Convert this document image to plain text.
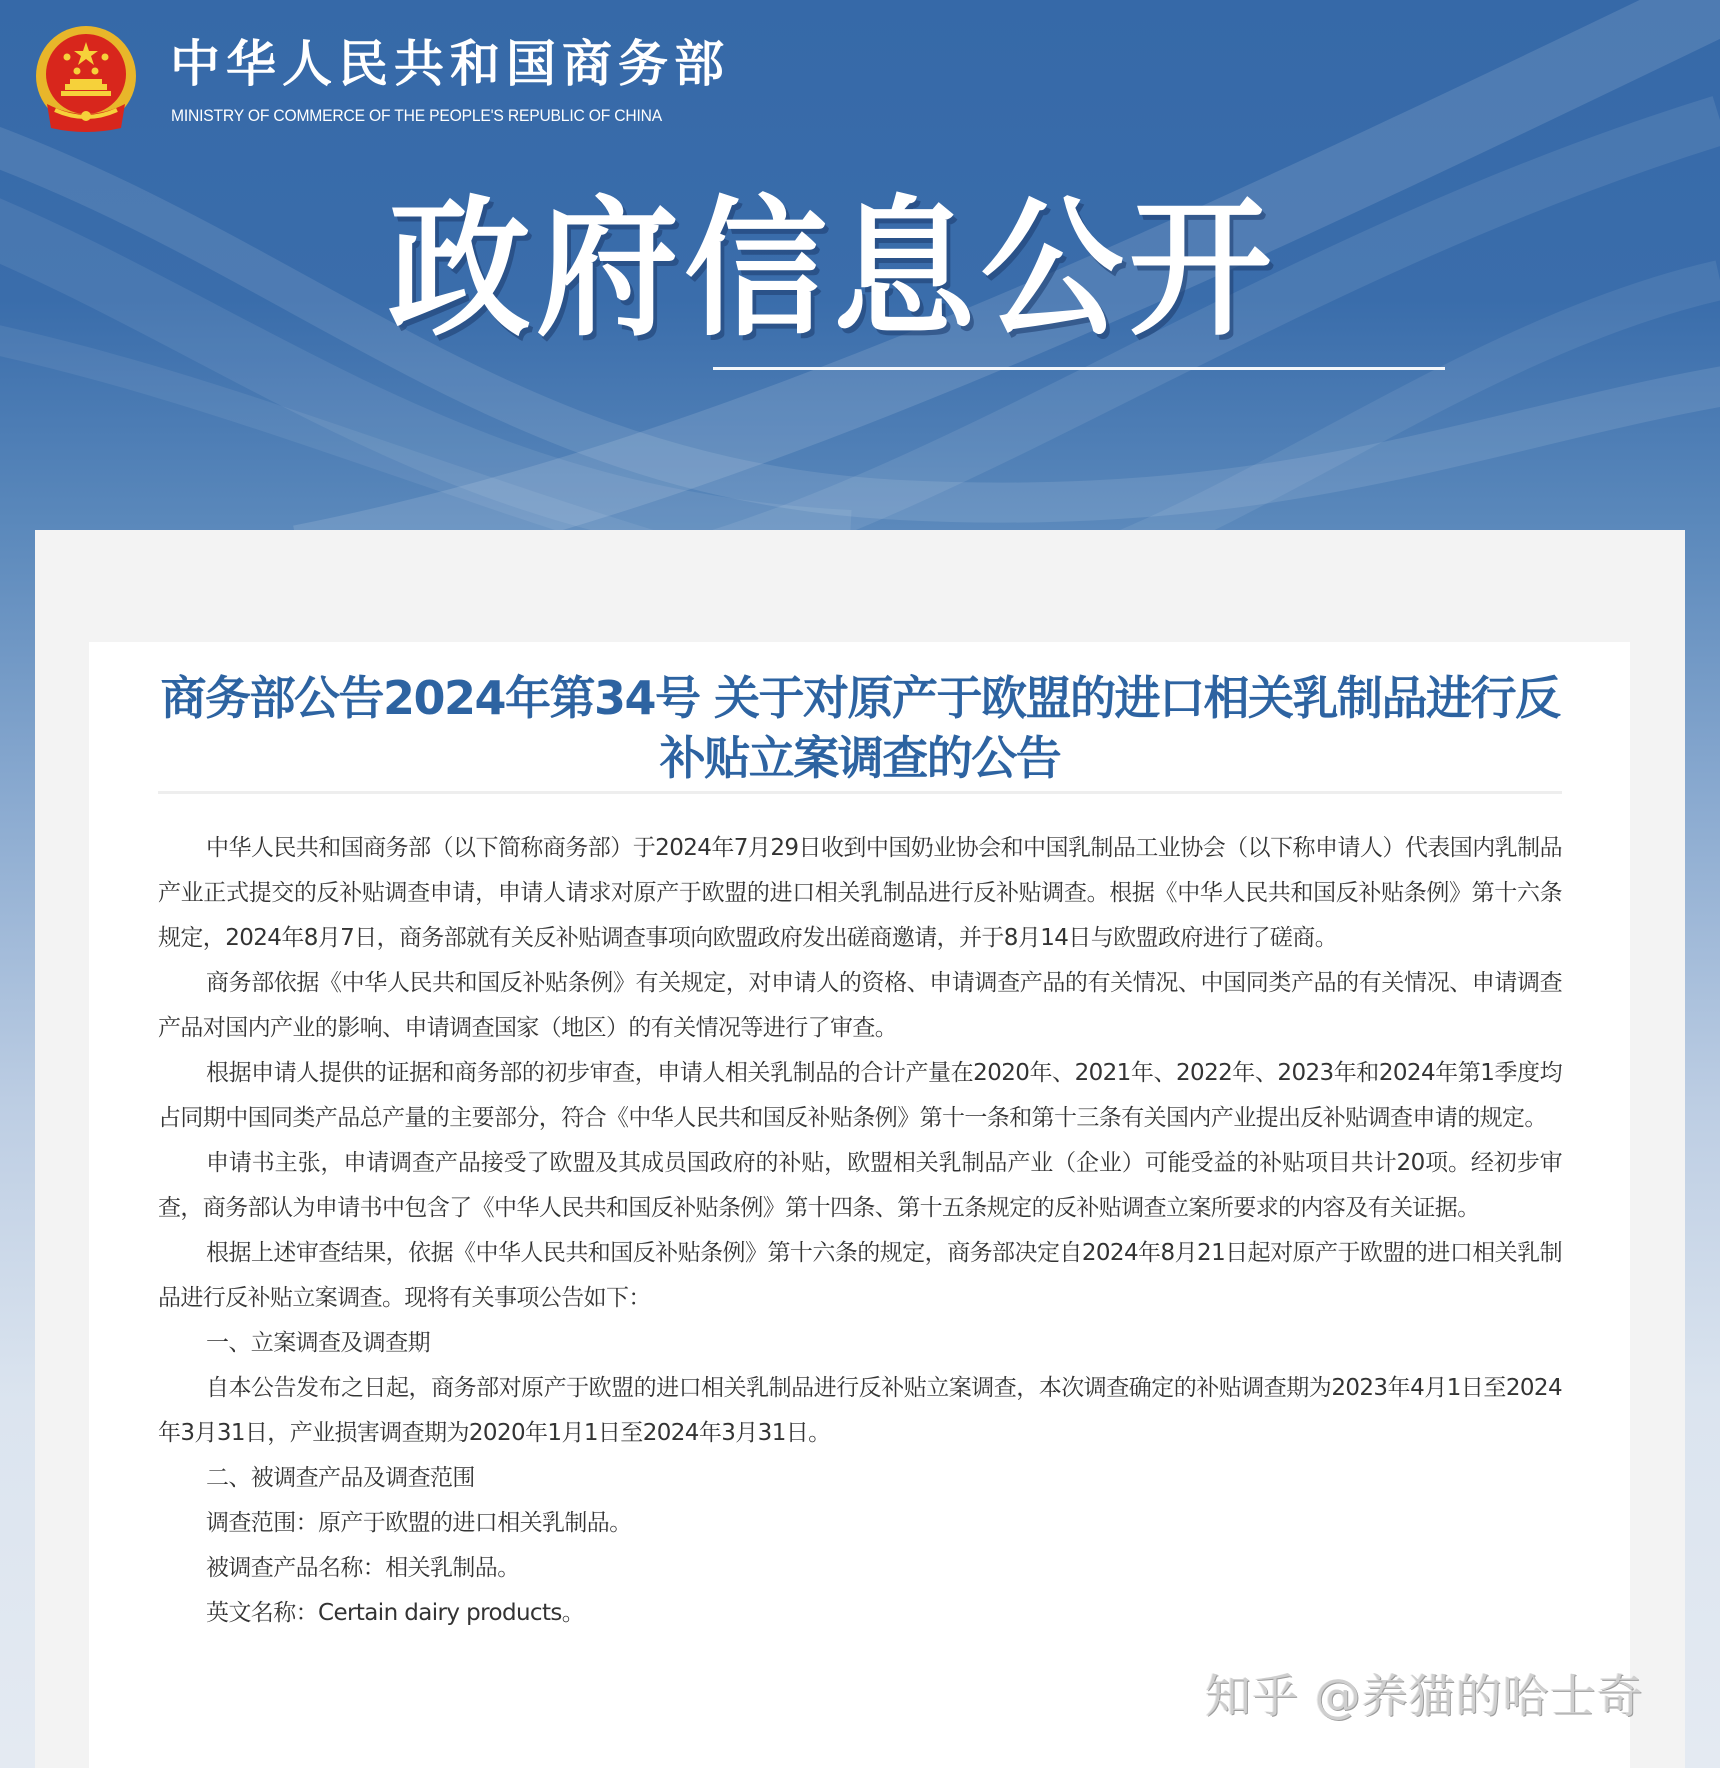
中华人民共和国商务部
MINISTRY OF COMMERCE OF THE PEOPLE'S REPUBLIC OF CHINA
政府信息公开
商务部公告2024年第34号 关于对原产于欧盟的进口相关乳制品进行反补贴立案调查的公告

中华人民共和国商务部（以下简称商务部）于2024年7月29日收到中国奶业协会和中国乳制品工业协会（以下称申请人）代表国内乳制品产业正式提交的反补贴调查申请，申请人请求对原产于欧盟的进口相关乳制品进行反补贴调查。根据《中华人民共和国反补贴条例》第十六条规定，2024年8月7日，商务部就有关反补贴调查事项向欧盟政府发出磋商邀请，并于8月14日与欧盟政府进行了磋商。

商务部依据《中华人民共和国反补贴条例》有关规定，对申请人的资格、申请调查产品的有关情况、中国同类产品的有关情况、申请调查产品对国内产业的影响、申请调查国家（地区）的有关情况等进行了审查。

根据申请人提供的证据和商务部的初步审查，申请人相关乳制品的合计产量在2020年、2021年、2022年、2023年和2024年第1季度均占同期中国同类产品总产量的主要部分，符合《中华人民共和国反补贴条例》第十一条和第十三条有关国内产业提出反补贴调查申请的规定。

申请书主张，申请调查产品接受了欧盟及其成员国政府的补贴，欧盟相关乳制品产业（企业）可能受益的补贴项目共计20项。经初步审查，商务部认为申请书中包含了《中华人民共和国反补贴条例》第十四条、第十五条规定的反补贴调查立案所要求的内容及有关证据。

根据上述审查结果，依据《中华人民共和国反补贴条例》第十六条的规定，商务部决定自2024年8月21日起对原产于欧盟的进口相关乳制品进行反补贴立案调查。现将有关事项公告如下：

一、立案调查及调查期

自本公告发布之日起，商务部对原产于欧盟的进口相关乳制品进行反补贴立案调查，本次调查确定的补贴调查期为2023年4月1日至2024年3月31日，产业损害调查期为2020年1月1日至2024年3月31日。

二、被调查产品及调查范围

调查范围：原产于欧盟的进口相关乳制品。

被调查产品名称：相关乳制品。

英文名称：Certain dairy products。

知乎 @养猫的哈士奇
